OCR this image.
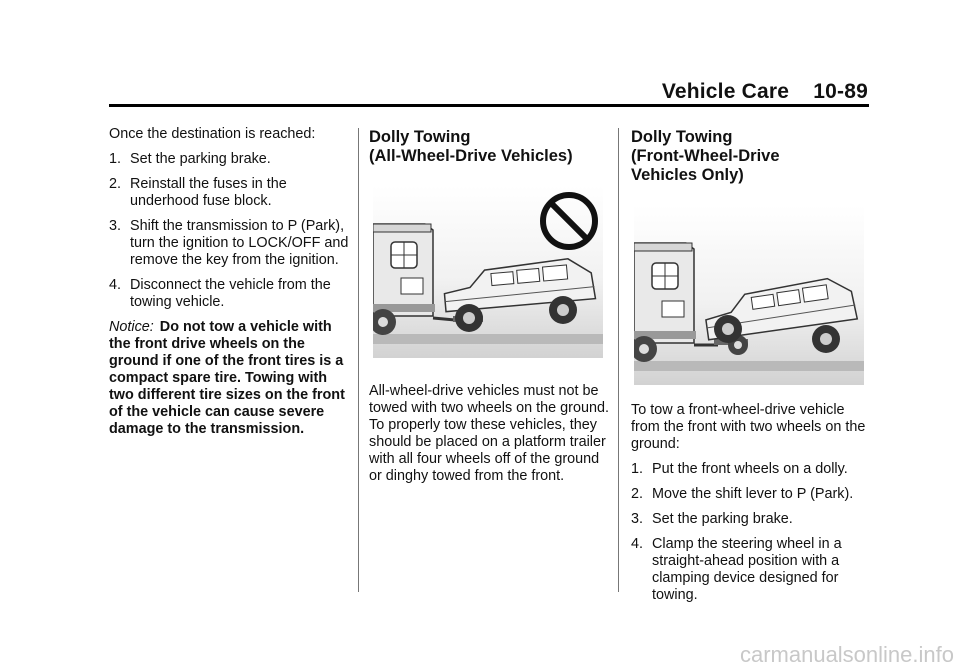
Vehicle Care 10-89

Once the destination is reached:

1. Set the parking brake.
2. Reinstall the fuses in the underhood fuse block.
3. Shift the transmission to P (Park), turn the ignition to LOCK/OFF and remove the key from the ignition.
4. Disconnect the vehicle from the towing vehicle.
Notice: Do not tow a vehicle with the front drive wheels on the ground if one of the front tires is a compact spare tire. Towing with two different tire sizes on the front of the vehicle can cause severe damage to the transmission.
Dolly Towing
(All-Wheel-Drive Vehicles)

All-wheel-drive vehicles must not be towed with two wheels on the ground. To properly tow these vehicles, they should be placed on a platform trailer with all four wheels off of the ground or dinghy towed from the front.

Dolly Towing
(Front-Wheel-Drive
Vehicles Only)

To tow a front-wheel-drive vehicle from the front with two wheels on the ground:

1. Put the front wheels on a dolly.
2. Move the shift lever to P (Park).
3. Set the parking brake.
4. Clamp the steering wheel in a straight-ahead position with a clamping device designed for towing.
carmanualsonline.info
